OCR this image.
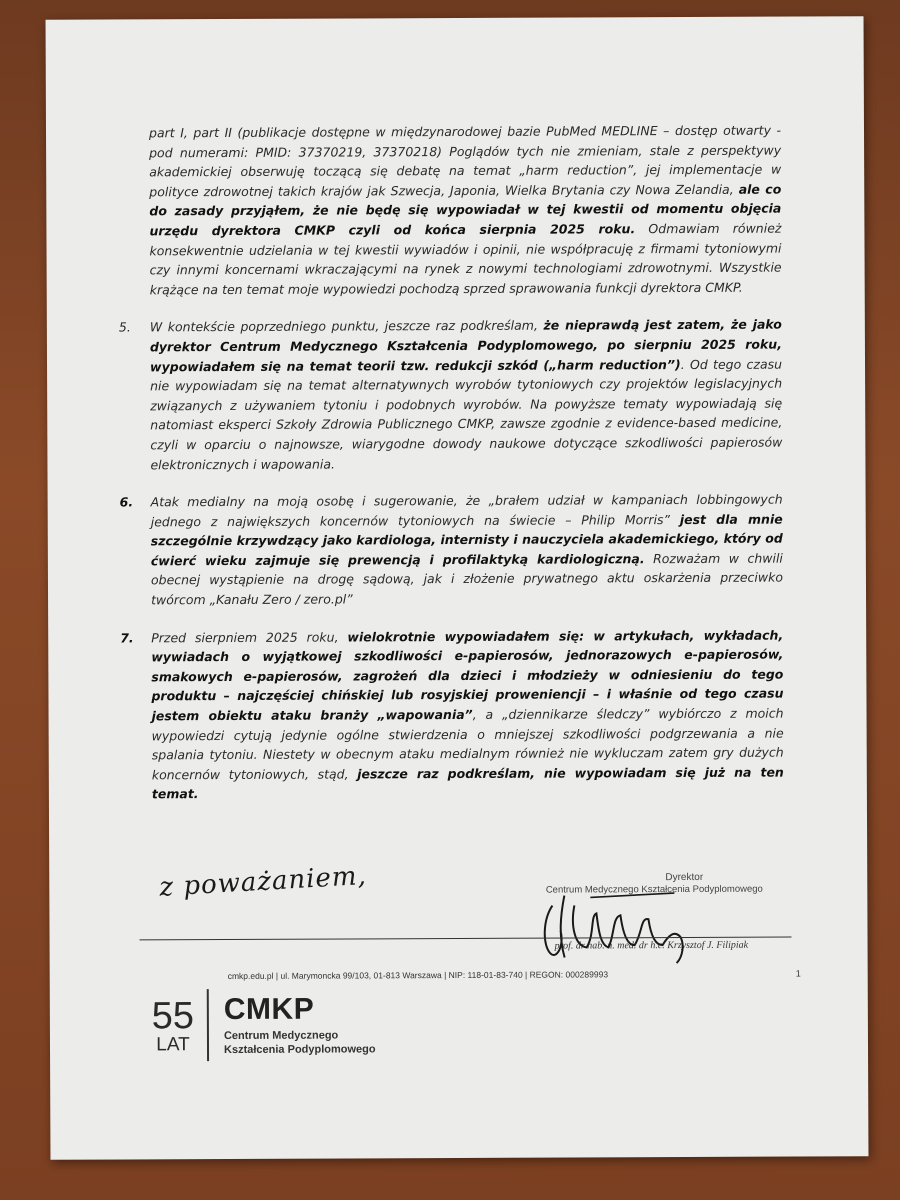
part I, part II (publikacje dostępne w międzynarodowej bazie PubMed MEDLINE – dostęp otwarty - pod numerami: PMID: 37370219, 37370218) Poglądów tych nie zmieniam, stale z perspektywy akademickiej obserwuję toczącą się debatę na temat „harm reduction”, jej implementacje w polityce zdrowotnej takich krajów jak Szwecja, Japonia, Wielka Brytania czy Nowa Zelandia, ale co do zasady przyjąłem, że nie będę się wypowiadał w tej kwestii od momentu objęcia urzędu dyrektora CMKP czyli od końca sierpnia 2025 roku. Odmawiam również konsekwentnie udzielania w tej kwestii wywiadów i opinii, nie współpracuję z firmami tytoniowymi czy innymi koncernami wkraczającymi na rynek z nowymi technologiami zdrowotnymi. Wszystkie krążące na ten temat moje wypowiedzi pochodzą sprzed sprawowania funkcji dyrektora CMKP.

5. W kontekście poprzedniego punktu, jeszcze raz podkreślam, że nieprawdą jest zatem, że jako dyrektor Centrum Medycznego Kształcenia Podyplomowego, po sierpniu 2025 roku, wypowiadałem się na temat teorii tzw. redukcji szkód („harm reduction”). Od tego czasu nie wypowiadam się na temat alternatywnych wyrobów tytoniowych czy projektów legislacyjnych związanych z używaniem tytoniu i podobnych wyrobów. Na powyższe tematy wypowiadają się natomiast eksperci Szkoły Zdrowia Publicznego CMKP, zawsze zgodnie z evidence-based medicine, czyli w oparciu o najnowsze, wiarygodne dowody naukowe dotyczące szkodliwości papierosów elektronicznych i wapowania.

6. Atak medialny na moją osobę i sugerowanie, że „brałem udział w kampaniach lobbingowych jednego z największych koncernów tytoniowych na świecie – Philip Morris” jest dla mnie szczególnie krzywdzący jako kardiologa, internisty i nauczyciela akademickiego, który od ćwierć wieku zajmuje się prewencją i profilaktyką kardiologiczną. Rozważam w chwili obecnej wystąpienie na drogę sądową, jak i złożenie prywatnego aktu oskarżenia przeciwko twórcom „Kanału Zero / zero.pl”

7. Przed sierpniem 2025 roku, wielokrotnie wypowiadałem się: w artykułach, wykładach, wywiadach o wyjątkowej szkodliwości e-papierosów, jednorazowych e-papierosów, smakowych e-papierosów, zagrożeń dla dzieci i młodzieży w odniesieniu do tego produktu – najczęściej chińskiej lub rosyjskiej proweniencji – i właśnie od tego czasu jestem obiektu ataku branży „wapowania”, a „dziennikarze śledczy” wybiórczo z moich wypowiedzi cytują jedynie ogólne stwierdzenia o mniejszej szkodliwości podgrzewania a nie spalania tytoniu. Niestety w obecnym ataku medialnym również nie wykluczam zatem gry dużych koncernów tytoniowych, stąd, jeszcze raz podkreślam, nie wypowiadam się już na ten temat.

z poważaniem,	Dyrektor
Centrum Medycznego Kształcenia Podyplomowego
prof. dr hab. n. med. dr h.c. Krzysztof J. Filipiak
cmkp.edu.pl | ul. Marymoncka 99/103, 01-813 Warszawa | NIP: 118-01-83-740 | REGON: 000289993	1
55
LAT
CMKP
Centrum Medycznego
Kształcenia Podyplomowego
